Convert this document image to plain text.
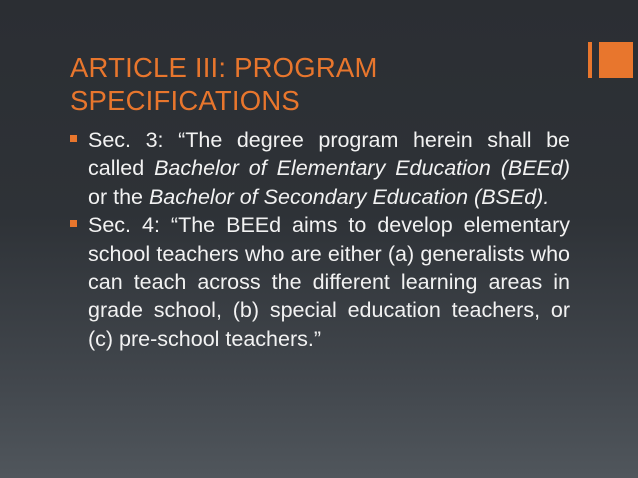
ARTICLE III: PROGRAM
SPECIFICATIONS
Sec. 3: “The degree program herein shall be called Bachelor of Elementary Education (BEEd) or the Bachelor of Secondary Education (BSEd).
Sec. 4: “The BEEd aims to develop elementary school teachers who are either (a) generalists who can teach across the different learning areas in grade school, (b) special education teachers, or (c) pre-school teachers.”
